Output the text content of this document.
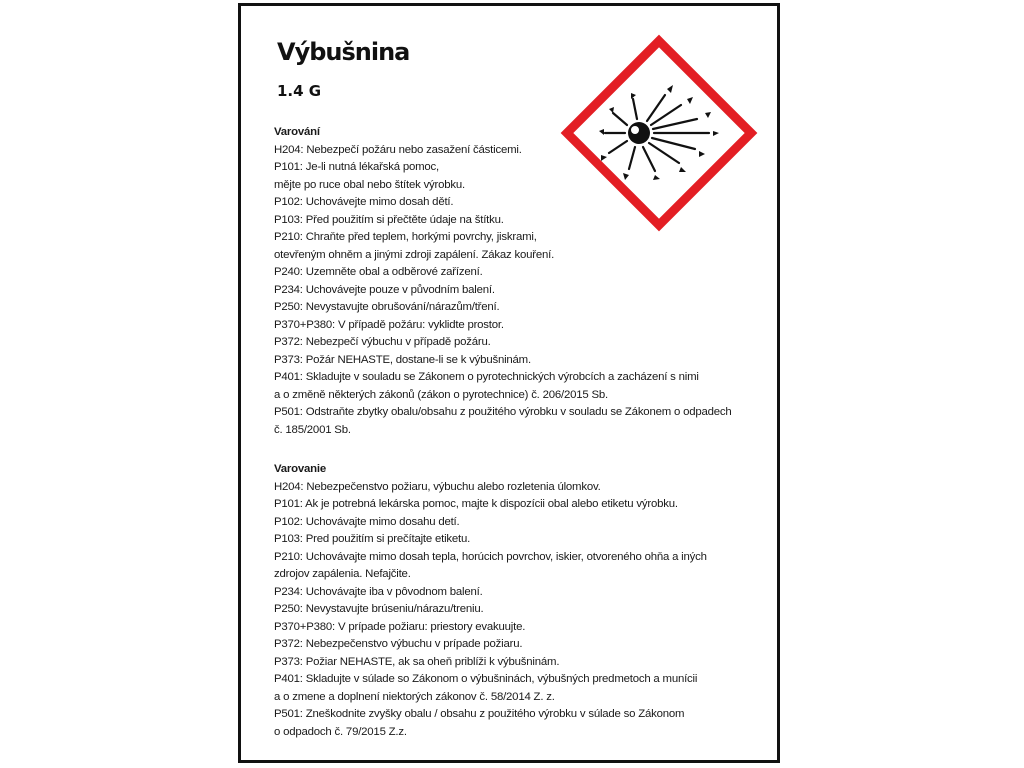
Výbušnina
1.4 G
Varování
H204: Nebezpečí požáru nebo zasažení částicemi.
P101: Je-li nutná lékařská pomoc,
mějte po ruce obal nebo štítek výrobku.
P102: Uchovávejte mimo dosah dětí.
P103: Před použitím si přečtěte údaje na štítku.
P210: Chraňte před teplem, horkými povrchy, jiskrami,
otevřeným ohněm a jinými zdroji zapálení. Zákaz kouření.
P240: Uzemněte obal a odběrové zařízení.
P234: Uchovávejte pouze v původním balení.
P250: Nevystavujte obrušování/nárazům/tření.
P370+P380: V případě požáru: vyklidte prostor.
P372: Nebezpečí výbuchu v případě požáru.
P373: Požár NEHASTE, dostane-li se k výbušninám.
P401: Skladujte v souladu se Zákonem o pyrotechnických výrobcích a zacházení s nimi
a o změně některých zákonů (zákon o pyrotechnice) č. 206/2015 Sb.
P501: Odstraňte zbytky obalu/obsahu z použitého výrobku v souladu se Zákonem o odpadech
č. 185/2001 Sb.
Varovanie
H204: Nebezpečenstvo požiaru, výbuchu alebo rozletenia úlomkov.
P101: Ak je potrebná lekárska pomoc, majte k dispozícii obal alebo etiketu výrobku.
P102: Uchovávajte mimo dosahu detí.
P103: Pred použitím si prečítajte etiketu.
P210: Uchovávajte mimo dosah tepla, horúcich povrchov, iskier, otvoreného ohňa a iných
zdrojov zapálenia. Nefajčite.
P234: Uchovávajte iba v pôvodnom balení.
P250: Nevystavujte brúseniu/nárazu/treniu.
P370+P380: V prípade požiaru: priestory evakuujte.
P372: Nebezpečenstvo výbuchu v prípade požiaru.
P373: Požiar NEHASTE, ak sa oheň priblíži k výbušninám.
P401: Skladujte v súlade so Zákonom o výbušninách, výbušných predmetoch a munícii
a o zmene a doplnení niektorých zákonov č. 58/2014 Z. z.
P501: Zneškodnite zvyšky obalu / obsahu z použitého výrobku v súlade so Zákonom
o odpadoch č. 79/2015 Z.z.
